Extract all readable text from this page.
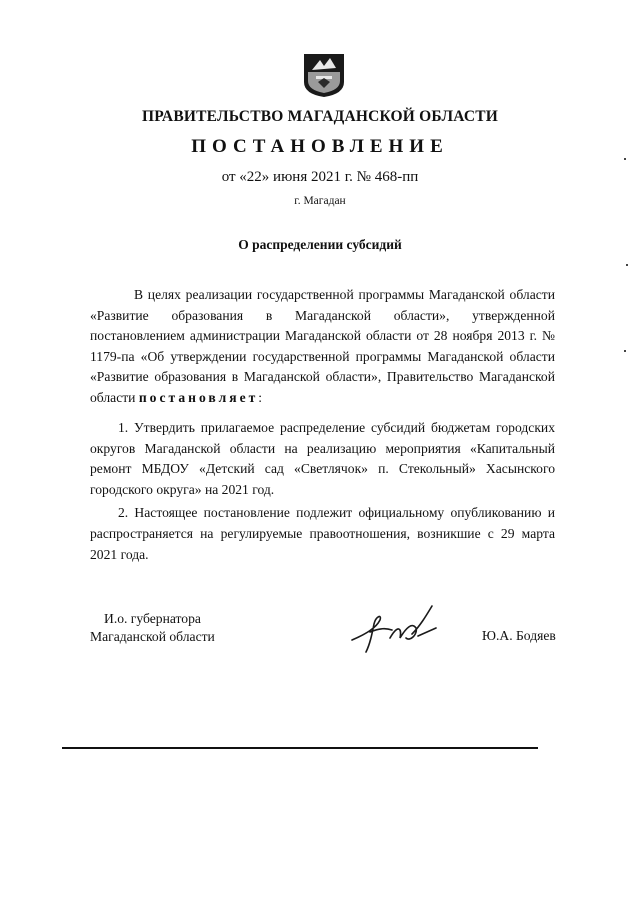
ПРАВИТЕЛЬСТВО МАГАДАНСКОЙ ОБЛАСТИ
ПОСТАНОВЛЕНИЕ
от «22» июня 2021 г. № 468-пп
г. Магадан
О распределении субсидий

В целях реализации государственной программы Магаданской области «Развитие образования в Магаданской области», утвержденной постановлением администрации Магаданской области от 28 ноября 2013 г. № 1179-па «Об утверждении государственной программы Магаданской области «Развитие образования в Магаданской области», Правительство Магаданской области постановляет:

1. Утвердить прилагаемое распределение субсидий бюджетам городских округов Магаданской области на реализацию мероприятия «Капитальный ремонт МБДОУ «Детский сад «Светлячок» п. Стекольный» Хасынского городского округа» на 2021 год.

2. Настоящее постановление подлежит официальному опубликованию и распространяется на регулируемые правоотношения, возникшие с 29 марта 2021 года.

И.о. губернатора
Магаданской области	Ю.А. Бодяев
